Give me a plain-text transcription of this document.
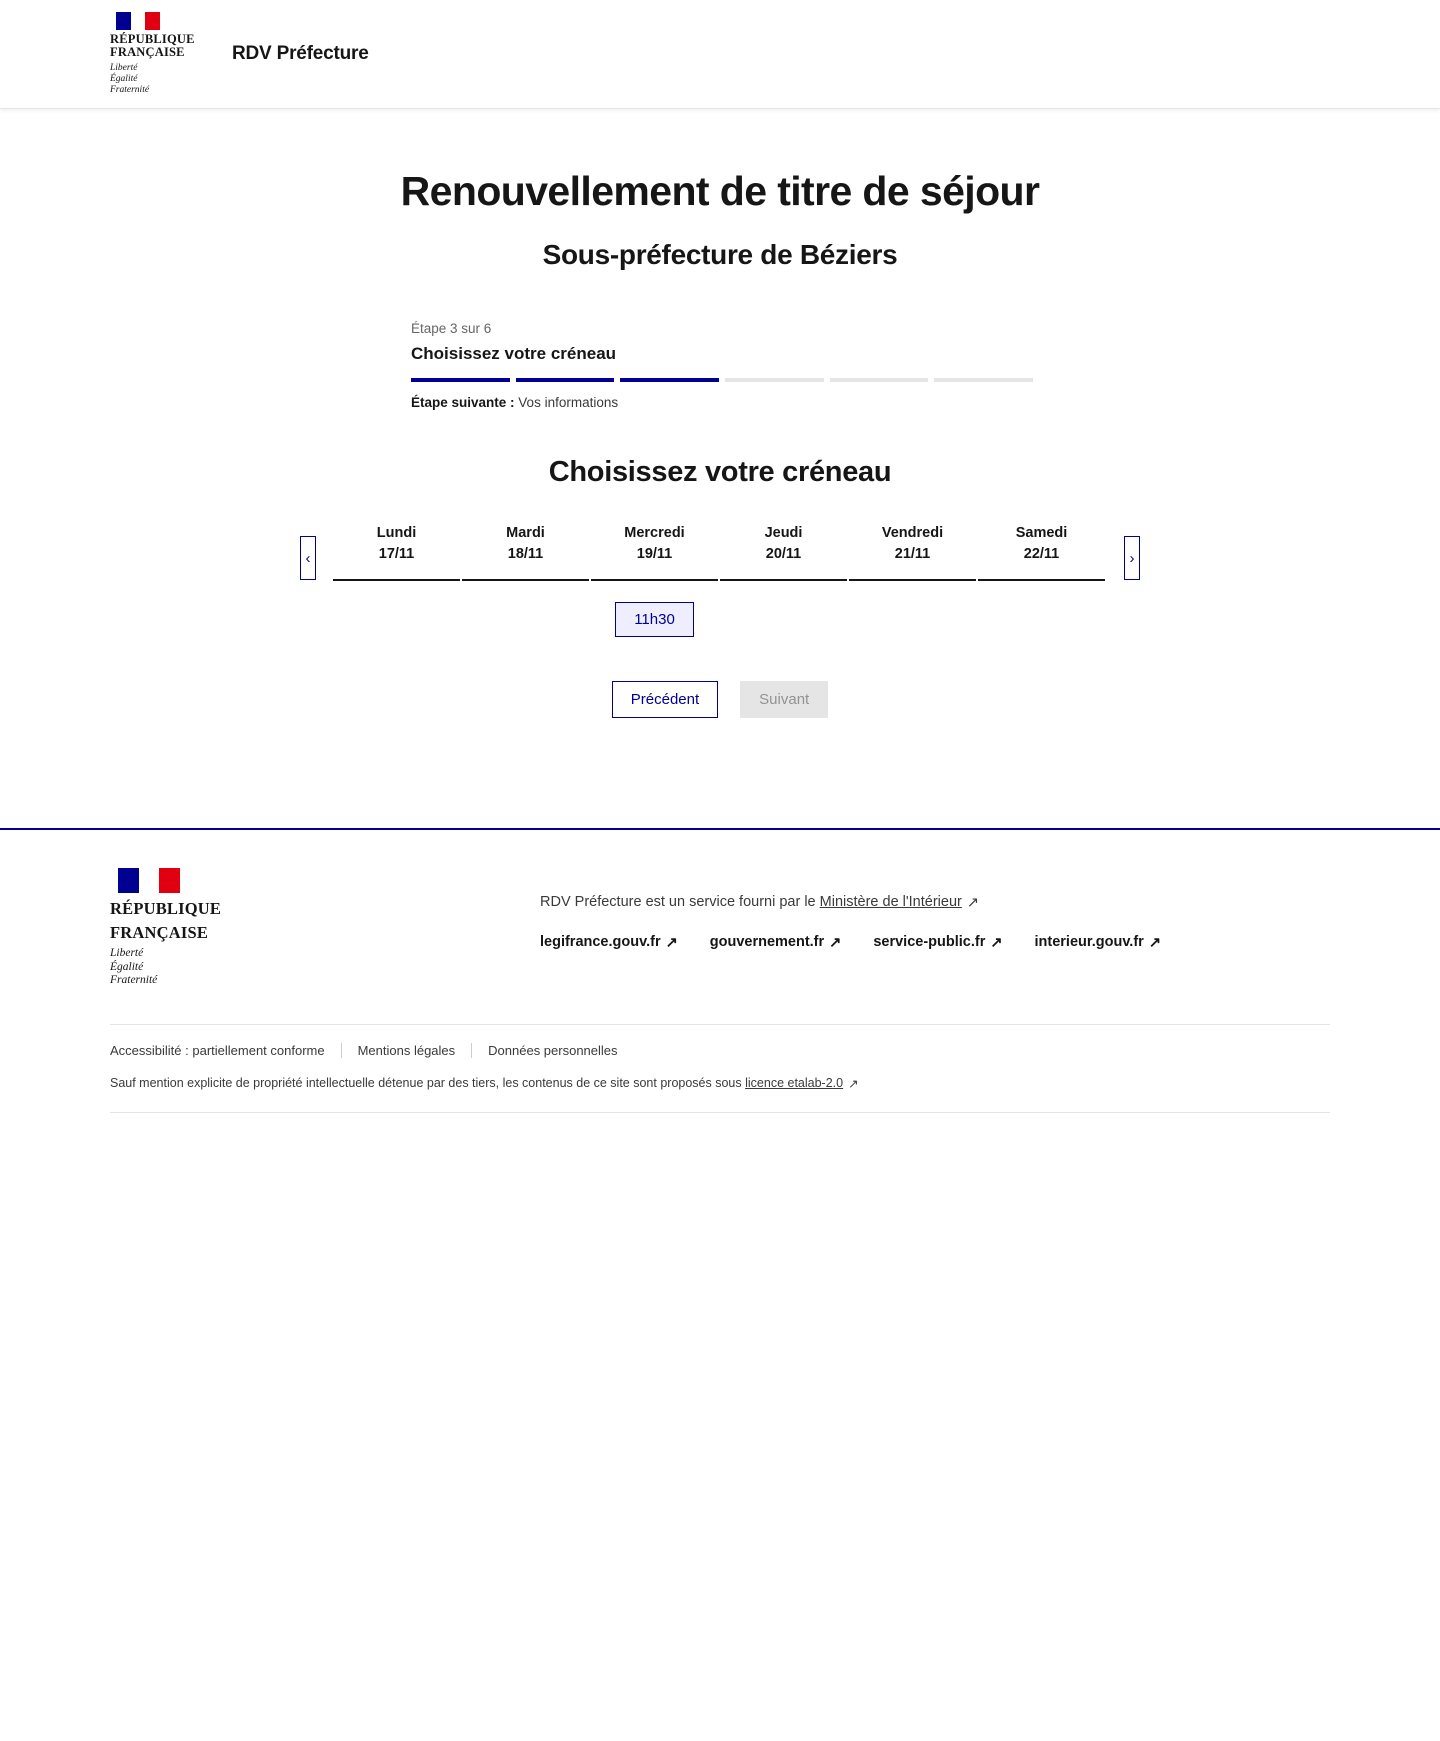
RÉPUBLIQUE
FRANÇAISE
Liberté
Égalité
Fraternité
RDV Préfecture
Renouvellement de titre de séjour
Sous-préfecture de Béziers
Étape 3 sur 6
Choisissez votre créneau
Étape suivante : Vos informations
Choisissez votre créneau
‹
Lundi
17/11
Mardi
18/11
Mercredi
19/11
11h30
Jeudi
20/11
Vendredi
21/11
Samedi
22/11	›
Précédent	Suivant
RÉPUBLIQUE
FRANÇAISE
Liberté
Égalité
Fraternité
RDV Préfecture est un service fourni par le Ministère de l'Intérieur ↗
legifrance.gouv.fr ↗ gouvernement.fr ↗ service-public.fr ↗ interieur.gouv.fr ↗
Accessibilité : partiellement conforme	Mentions légales	Données personnelles
Sauf mention explicite de propriété intellectuelle détenue par des tiers, les contenus de ce site sont proposés sous licence etalab-2.0 ↗
